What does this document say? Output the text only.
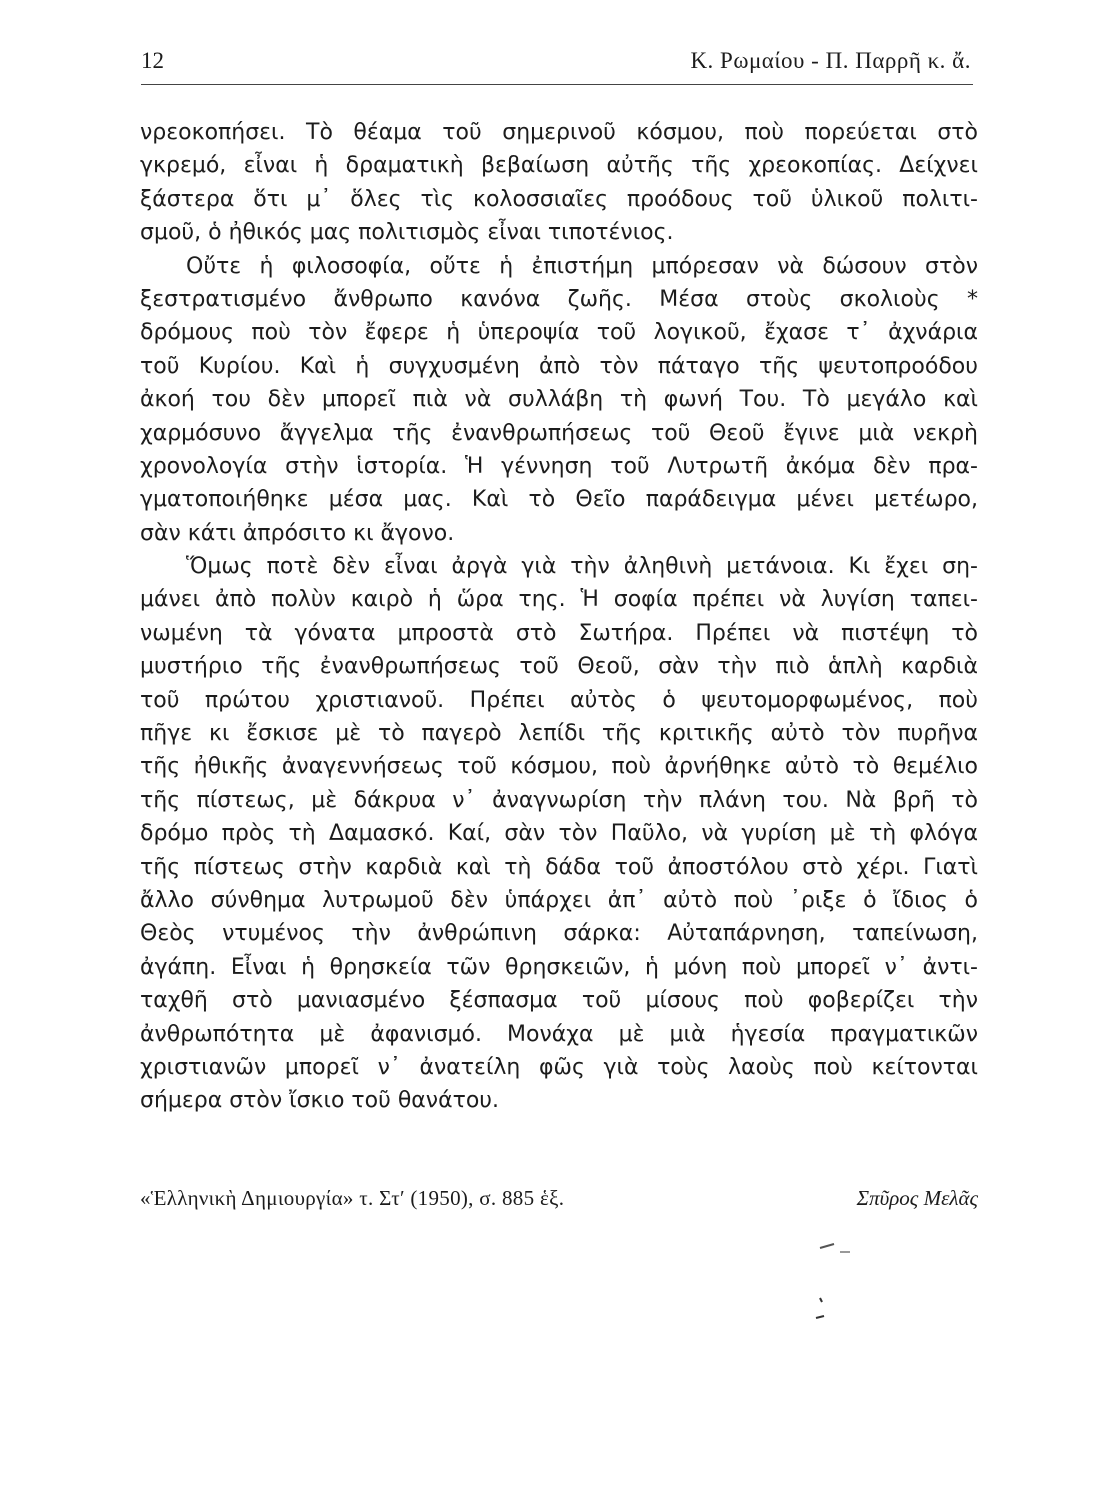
12	Κ. Ρωμαίου - Π. Παρρῆ κ. ἄ.
νρεοκοπήσει. Τὸ θέαμα τοῦ σημερινοῦ κόσμου, ποὺ πορεύεται στὸ
γκρεμό, εἶναι ἡ δραματικὴ βεβαίωση αὐτῆς τῆς χρεοκοπίας. Δείχνει
ξάστερα ὅτι μ᾽ ὅλες τὶς κολοσσιαῖες προόδους τοῦ ὑλικοῦ πολιτι-
σμοῦ, ὁ ἠθικός μας πολιτισμὸς εἶναι τιποτένιος.
Οὔτε ἡ φιλοσοφία, οὔτε ἡ ἐπιστήμη μπόρεσαν νὰ δώσουν στὸν
ξεστρατισμένο ἄνθρωπο κανόνα ζωῆς. Μέσα στοὺς σκολιοὺς *
δρόμους ποὺ τὸν ἔφερε ἡ ὑπεροψία τοῦ λογικοῦ, ἔχασε τ᾽ ἀχνάρια
τοῦ Κυρίου. Καὶ ἡ συγχυσμένη ἀπὸ τὸν πάταγο τῆς ψευτοπροόδου
ἀκοή του δὲν μπορεῖ πιὰ νὰ συλλάβη τὴ φωνή Του. Τὸ μεγάλο καὶ
χαρμόσυνο ἄγγελμα τῆς ἐνανθρωπήσεως τοῦ Θεοῦ ἔγινε μιὰ νεκρὴ
χρονολογία στὴν ἱστορία. Ἡ γέννηση τοῦ Λυτρωτῆ ἀκόμα δὲν πρα-
γματοποιήθηκε μέσα μας. Καὶ τὸ Θεῖο παράδειγμα μένει μετέωρο,
σὰν κάτι ἀπρόσιτο κι ἄγονο.
Ὅμως ποτὲ δὲν εἶναι ἀργὰ γιὰ τὴν ἀληθινὴ μετάνοια. Κι ἔχει ση-
μάνει ἀπὸ πολὺν καιρὸ ἡ ὥρα της. Ἡ σοφία πρέπει νὰ λυγίση ταπει-
νωμένη τὰ γόνατα μπροστὰ στὸ Σωτήρα. Πρέπει νὰ πιστέψη τὸ
μυστήριο τῆς ἐνανθρωπήσεως τοῦ Θεοῦ, σὰν τὴν πιὸ ἁπλὴ καρδιὰ
τοῦ πρώτου χριστιανοῦ. Πρέπει αὐτὸς ὁ ψευτομορφωμένος, ποὺ
πῆγε κι ἔσκισε μὲ τὸ παγερὸ λεπίδι τῆς κριτικῆς αὐτὸ τὸν πυρῆνα
τῆς ἠθικῆς ἀναγεννήσεως τοῦ κόσμου, ποὺ ἀρνήθηκε αὐτὸ τὸ θεμέλιο
τῆς πίστεως, μὲ δάκρυα ν᾽ ἀναγνωρίση τὴν πλάνη του. Νὰ βρῆ τὸ
δρόμο πρὸς τὴ Δαμασκό. Καί, σὰν τὸν Παῦλο, νὰ γυρίση μὲ τὴ φλόγα
τῆς πίστεως στὴν καρδιὰ καὶ τὴ δάδα τοῦ ἀποστόλου στὸ χέρι. Γιατὶ
ἄλλο σύνθημα λυτρωμοῦ δὲν ὑπάρχει ἀπ᾽ αὐτὸ ποὺ ᾽ριξε ὁ ἴδιος ὁ
Θεὸς ντυμένος τὴν ἀνθρώπινη σάρκα: Αὐταπάρνηση, ταπείνωση,
ἀγάπη. Εἶναι ἡ θρησκεία τῶν θρησκειῶν, ἡ μόνη ποὺ μπορεῖ ν᾽ ἀντι-
ταχθῆ στὸ μανιασμένο ξέσπασμα τοῦ μίσους ποὺ φοβερίζει τὴν
ἀνθρωπότητα μὲ ἀφανισμό. Μονάχα μὲ μιὰ ἡγεσία πραγματικῶν
χριστιανῶν μπορεῖ ν᾽ ἀνατείλη φῶς γιὰ τοὺς λαοὺς ποὺ κείτονται
σήμερα στὸν ἴσκιο τοῦ θανάτου.
«Ἑλληνικὴ Δημιουργία» τ. Στ′ (1950), σ. 885 ἑξ.	Σπῦρος Μελᾶς
